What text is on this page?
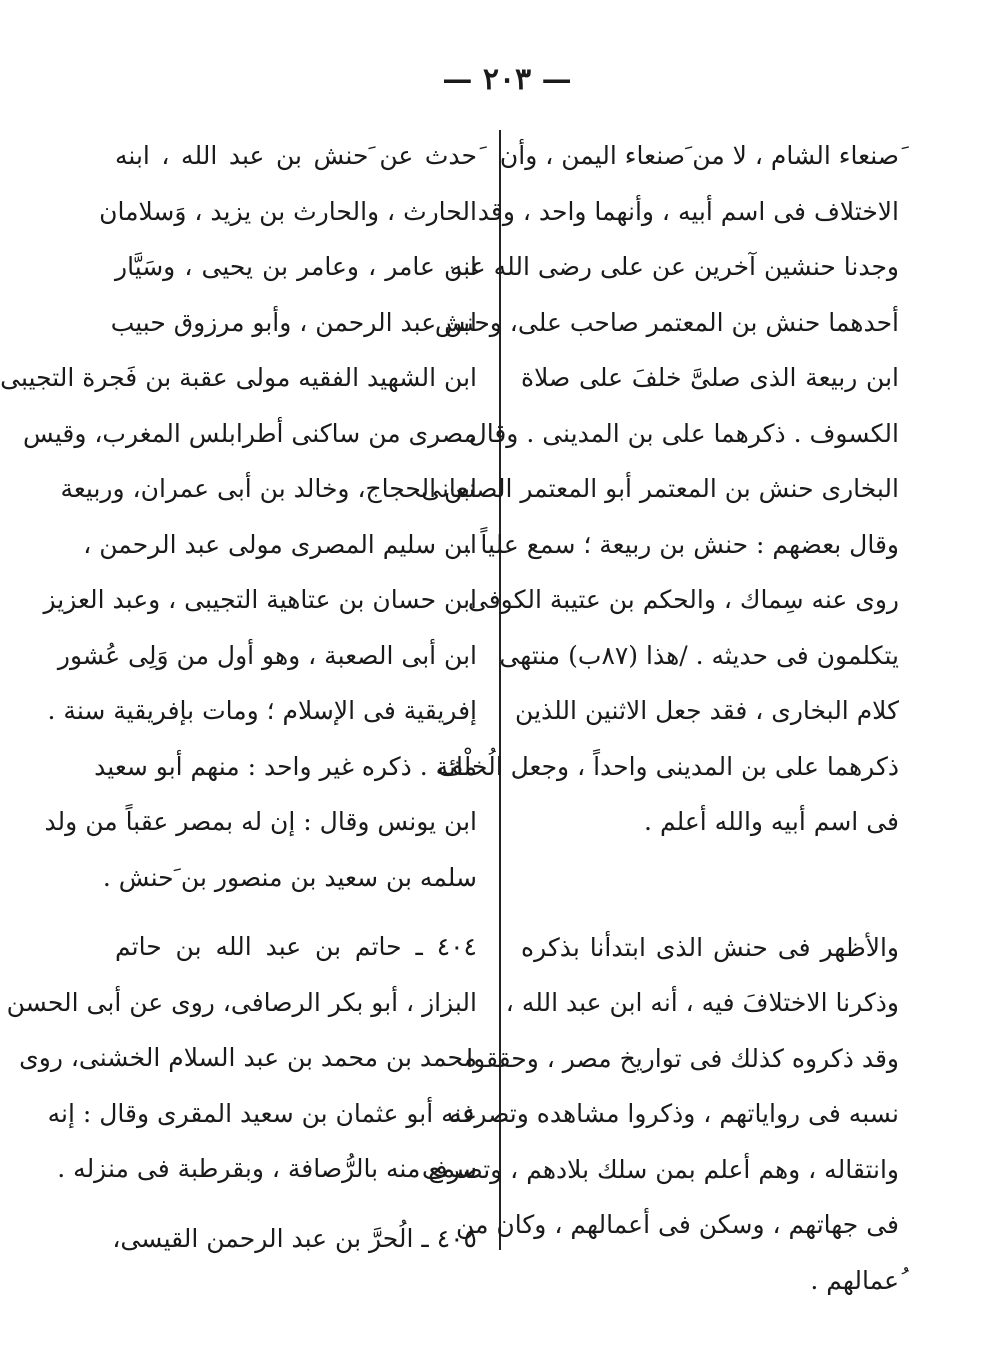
— ٢٠٣ —
َصنعاء الشام ، لا من َصنعاء اليمن ، وأن
الاختلاف فى اسم أبيه ، وأنهما واحد ، وقد
وجدنا حنشين آخرين عن على رضى الله عنه
أحدهما حنش بن المعتمر صاحب على، وحنش
ابن ربيعة الذى صلىَّ خلفَ على صلاة
الكسوف . ذكرهما على بن المدينى . وقال
البخارى حنش بن المعتمر أبو المعتمر الصنعانى
وقال بعضهم : حنش بن ربيعة ؛ سمع علياً .
روى عنه سِماك ، والحكم بن عتيبة الكوفى
يتكلمون فى حديثه . /هذا (٨٧ب) منتهى
كلام البخارى ، فقد جعل الاثنين اللذين
ذكرهما على بن المدينى واحداً ، وجعل الُخلْف
فى اسم أبيه والله أعلم .
والأظهر فى حنش الذى ابتدأنا بذكره
وذكرنا الاختلافَ فيه ، أنه ابن عبد الله ،
وقد ذكروه كذلك فى تواريخ مصر ، وحققوا
نسبه فى رواياتهم ، وذكروا مشاهده وتصرفه
وانتقاله ، وهم أعلم بمن سلك بلادهم ، وتصرف
فى جهاتهم ، وسكن فى أعمالهم ، وكان من
ُعمالهم .
َحدث عن َحنش بن عبد الله ، ابنه
الحارث ، والحارث بن يزيد ، وَسلامان
ابن عامر ، وعامر بن يحيى ، وسَيَّار
ابن عبد الرحمن ، وأبو مرزوق حبيب
ابن الشهيد الفقيه مولى عقبة بن فَجرة التجيبى
مصرى من ساكنى أطرابلس المغرب، وقيس
ابن الحجاج، وخالد بن أبى عمران، وربيعة
ابن سليم المصرى مولى عبد الرحمن ،
ابن حسان بن عتاهية التجيبى ، وعبد العزيز
ابن أبى الصعبة ، وهو أول من وَلِى عُشور
إفريقية فى الإسلام ؛ ومات بإفريقية سنة .
مائة . ذكره غير واحد : منهم أبو سعيد
ابن يونس وقال : إن له بمصر عقباً من ولد
سلمه بن سعيد بن منصور بن َحنش .
٤٠٤ ـ حاتم بن عبد الله بن حاتم
البزاز ، أبو بكر الرصافى، روى عن أبى الحسن
محمد بن محمد بن عبد السلام الخشنى، روى
عنه أبو عثمان بن سعيد المقرى وقال : إنه
سمع منه بالرُّصافة ، وبقرطبة فى منزله .
٤٠٥ ـ الُحرَّ بن عبد الرحمن القيسى،
